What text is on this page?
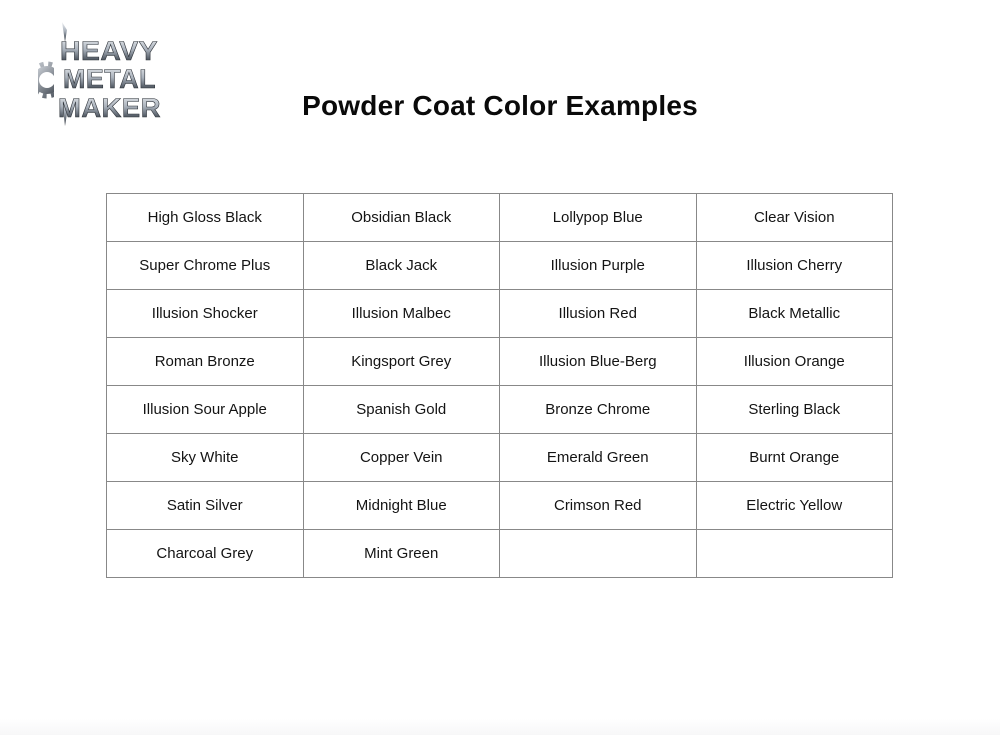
HEAVY
METAL
MAKER	Powder Coat Color Examples
High Gloss Black	Obsidian Black	Lollypop Blue	Clear Vision
Super Chrome Plus	Black Jack	Illusion Purple	Illusion Cherry
Illusion Shocker	Illusion Malbec	Illusion Red	Black Metallic
Roman Bronze	Kingsport Grey	Illusion Blue-Berg	Illusion Orange
Illusion Sour Apple	Spanish Gold	Bronze Chrome	Sterling Black
Sky White	Copper Vein	Emerald Green	Burnt Orange
Satin Silver	Midnight Blue	Crimson Red	Electric Yellow
Charcoal Grey	Mint Green		
